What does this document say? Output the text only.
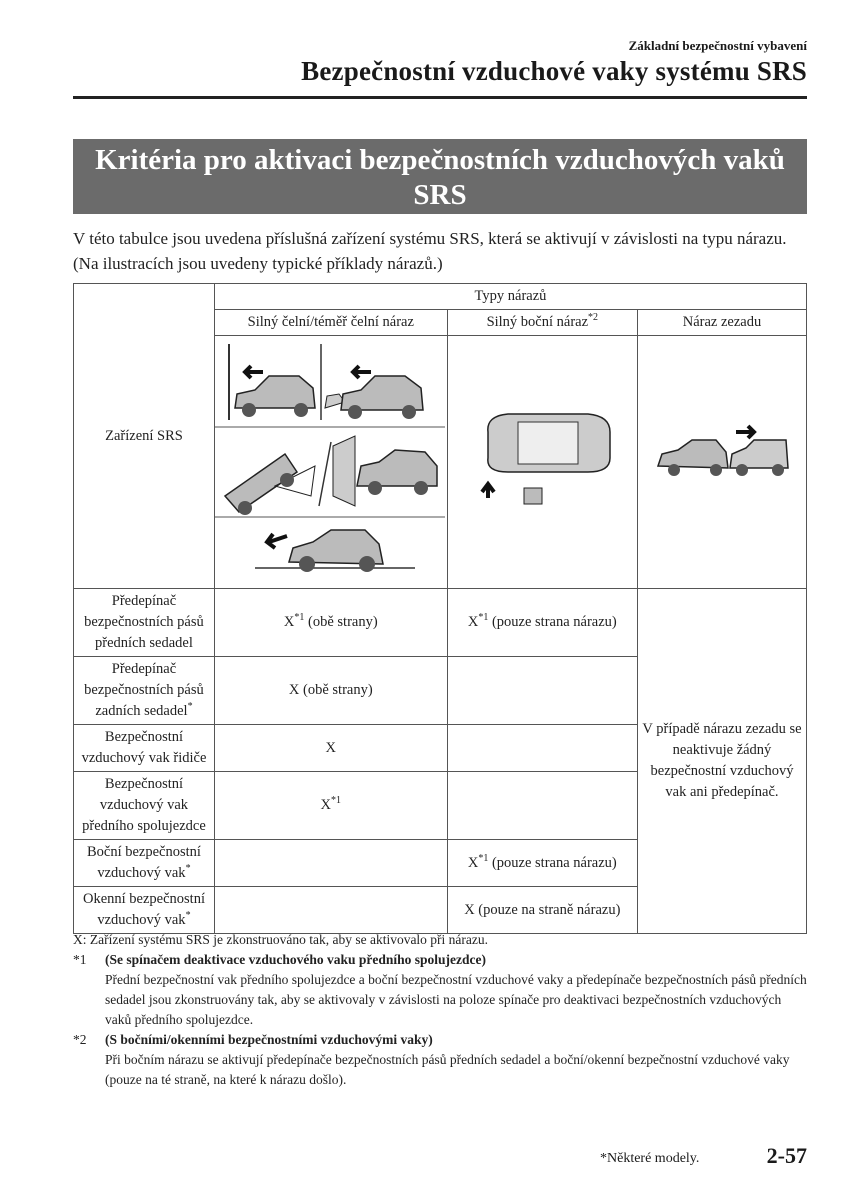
Základní bezpečnostní vybavení
Bezpečnostní vzduchové vaky systému SRS
Kritéria pro aktivaci bezpečnostních vzduchových vaků SRS
V této tabulce jsou uvedena příslušná zařízení systému SRS, která se aktivují v závislosti na typu nárazu. (Na ilustracích jsou uvedeny typické příklady nárazů.)
Zařízení SRS	Typy nárazů		
	Silný čelní/téměř čelní náraz	Silný boční náraz$^{*2}$	Náraz zezadu

Předepínač bezpečnostních pásů předních sedadel	$X^{*1}$ (obě strany)	$X^{*1}$ (pouze strana nárazu)	V případě nárazu zezadu se neaktivuje žádný bezpečnostní vzduchový vak ani předepínač.
Předepínač bezpečnostních pásů zadních sedadel*	X (obě strany)		
Bezpečnostní vzduchový vak řidiče	X		
Bezpečnostní vzduchový vak předního spolujezdce	$X^{*1}$	
Boční bezpečnostní vzduchový vak*		$X^{*1}$ (pouze strana nárazu)	
Okenní bezpečnostní vzduchový vak*		X (pouze na straně nárazu)	
X: Zařízení systému SRS je zkonstruováno tak, aby se aktivovalo při nárazu.
*1	(Se spínačem deaktivace vzduchového vaku předního spolujezdce)
Přední bezpečnostní vak předního spolujezdce a boční bezpečnostní vzduchové vaky a předepínače bezpečnostních pásů předních sedadel jsou zkonstruovány tak, aby se aktivovaly v závislosti na poloze spínače pro deaktivaci bezpečnostních vzduchových vaků předního spolujezdce.
*2	(S bočními/okenními bezpečnostními vzduchovými vaky)
Při bočním nárazu se aktivují předepínače bezpečnostních pásů předních sedadel a boční/okenní bezpečnostní vzduchové vaky (pouze na té straně, na které k nárazu došlo).
*Některé modely.	2-57
